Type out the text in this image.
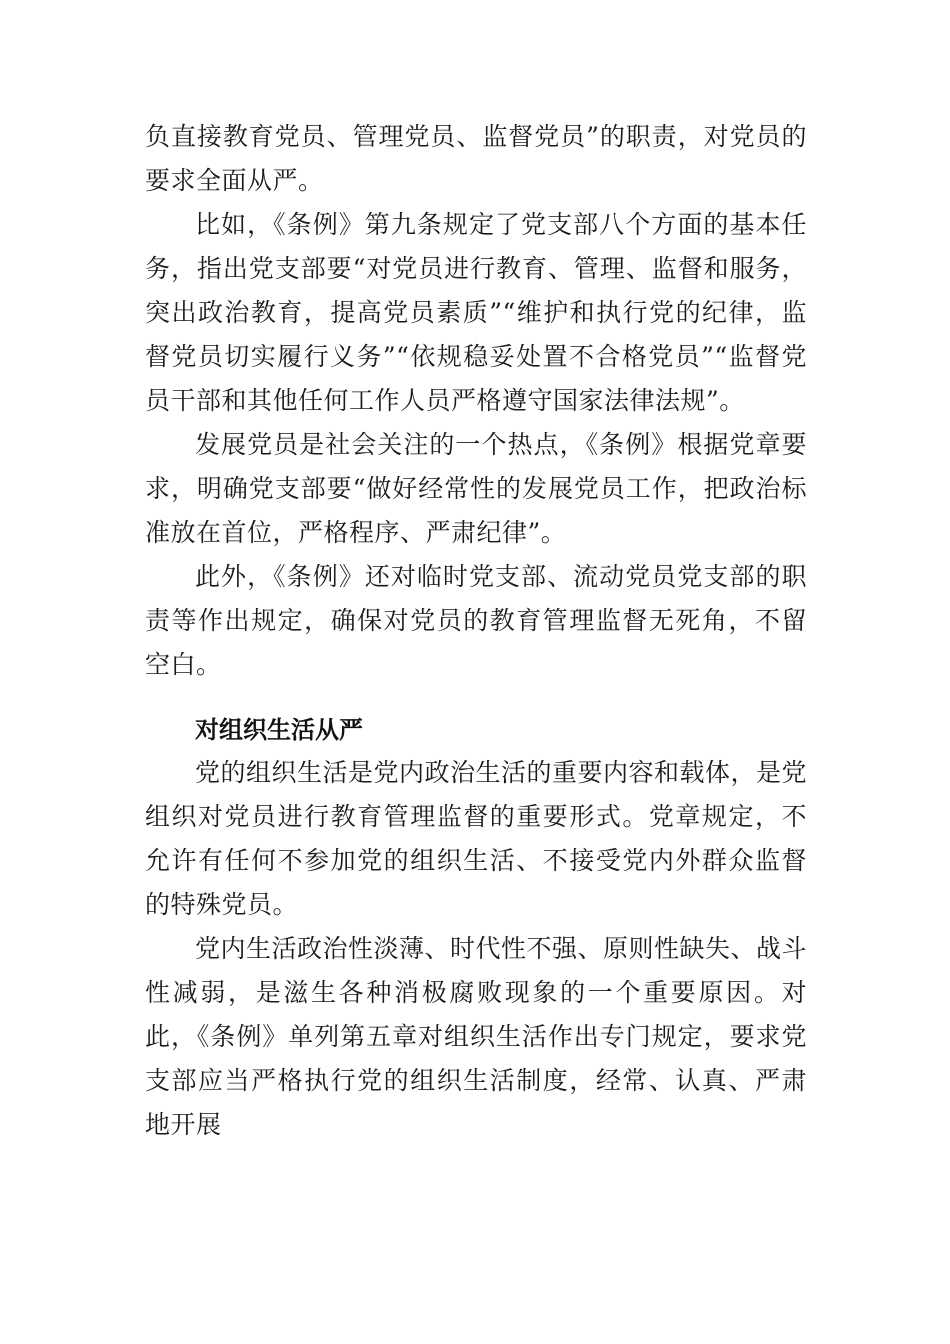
负直接教育党员、管理党员、监督党员”的职责，对党员的要求全面从严。

比如，《条例》第九条规定了党支部八个方面的基本任务，指出党支部要“对党员进行教育、管理、监督和服务，突出政治教育，提高党员素质”“维护和执行党的纪律，监督党员切实履行义务”“依规稳妥处置不合格党员”“监督党员干部和其他任何工作人员严格遵守国家法律法规”。

发展党员是社会关注的一个热点，《条例》根据党章要求，明确党支部要“做好经常性的发展党员工作，把政治标准放在首位，严格程序、严肃纪律”。

此外，《条例》还对临时党支部、流动党员党支部的职责等作出规定，确保对党员的教育管理监督无死角，不留空白。

对组织生活从严

党的组织生活是党内政治生活的重要内容和载体，是党组织对党员进行教育管理监督的重要形式。党章规定，不允许有任何不参加党的组织生活、不接受党内外群众监督的特殊党员。

党内生活政治性淡薄、时代性不强、原则性缺失、战斗性减弱，是滋生各种消极腐败现象的一个重要原因。对此，《条例》单列第五章对组织生活作出专门规定，要求党支部应当严格执行党的组织生活制度，经常、认真、严肃地开展
